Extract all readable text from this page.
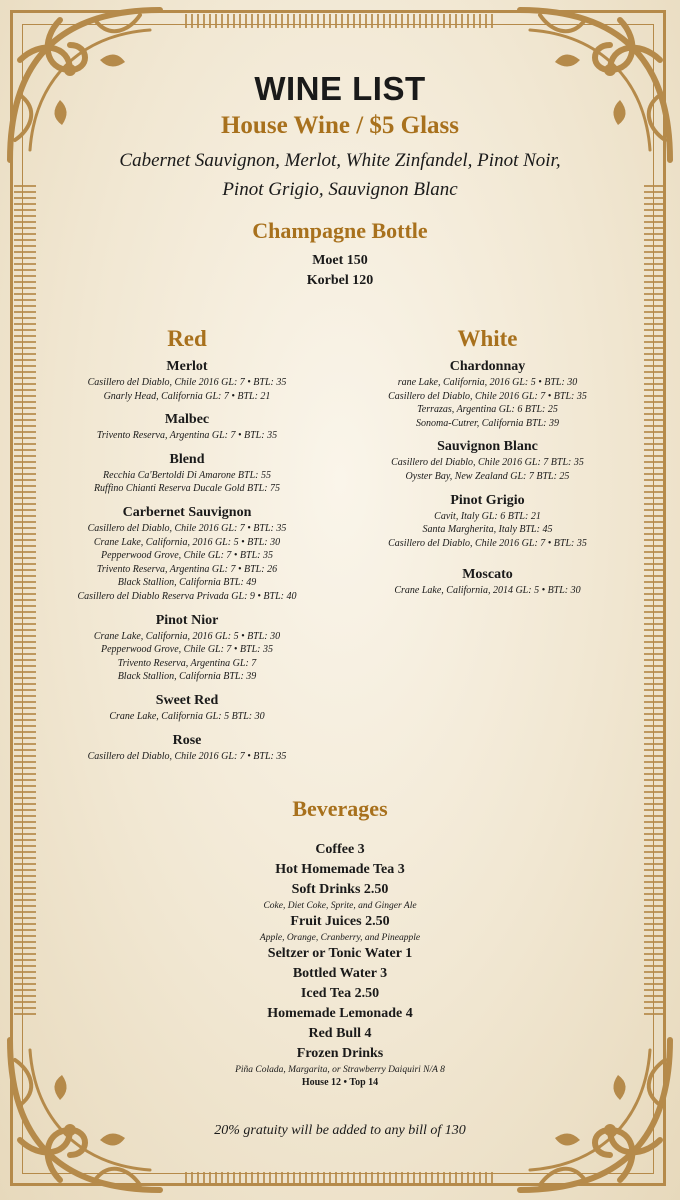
WINE LIST
House Wine / $5 Glass
Cabernet Sauvignon, Merlot, White Zinfandel, Pinot Noir,
Pinot Grigio, Sauvignon Blanc
Champagne Bottle
Moet 150
Korbel 120
Red
Merlot
Casillero del Diablo, Chile 2016 GL: 7 • BTL: 35
Gnarly Head, California GL: 7 • BTL: 21
Malbec
Trivento Reserva, Argentina GL: 7 • BTL: 35
Blend
Recchia Ca'Bertoldi Di Amarone BTL: 55
Ruffino Chianti Reserva Ducale Gold BTL: 75
Carbernet Sauvignon
Casillero del Diablo, Chile 2016 GL: 7 • BTL: 35
Crane Lake, California, 2016 GL: 5 • BTL: 30
Pepperwood Grove, Chile GL: 7 • BTL: 35
Trivento Reserva, Argentina GL: 7 • BTL: 26
Black Stallion, California BTL: 49
Casillero del Diablo Reserva Privada GL: 9 • BTL: 40
Pinot Nior
Crane Lake, California, 2016 GL: 5 • BTL: 30
Pepperwood Grove, Chile GL: 7 • BTL: 35
Trivento Reserva, Argentina GL: 7
Black Stallion, California BTL: 39
Sweet Red
Crane Lake, California GL: 5 BTL: 30
Rose
Casillero del Diablo, Chile 2016 GL: 7 • BTL: 35
White
Chardonnay
rane Lake, California, 2016 GL: 5 • BTL: 30
Casillero del Diablo, Chile 2016 GL: 7 • BTL: 35
Terrazas, Argentina GL: 6 BTL: 25
Sonoma-Cutrer, California BTL: 39
Sauvignon Blanc
Casillero del Diablo, Chile 2016 GL: 7 BTL: 35
Oyster Bay, New Zealand GL: 7 BTL: 25
Pinot Grigio
Cavit, Italy GL: 6 BTL: 21
Santa Margherita, Italy BTL: 45
Casillero del Diablo, Chile 2016 GL: 7 • BTL: 35
Moscato
Crane Lake, California, 2014 GL: 5 • BTL: 30
Beverages
Coffee 3
Hot Homemade Tea 3
Soft Drinks 2.50
Coke, Diet Coke, Sprite, and Ginger Ale
Fruit Juices 2.50
Apple, Orange, Cranberry, and Pineapple
Seltzer or Tonic Water 1
Bottled Water 3
Iced Tea 2.50
Homemade Lemonade 4
Red Bull 4
Frozen Drinks
Piña Colada, Margarita, or Strawberry Daiquiri N/A 8
House 12 • Top 14
20% gratuity will be added to any bill of 130
